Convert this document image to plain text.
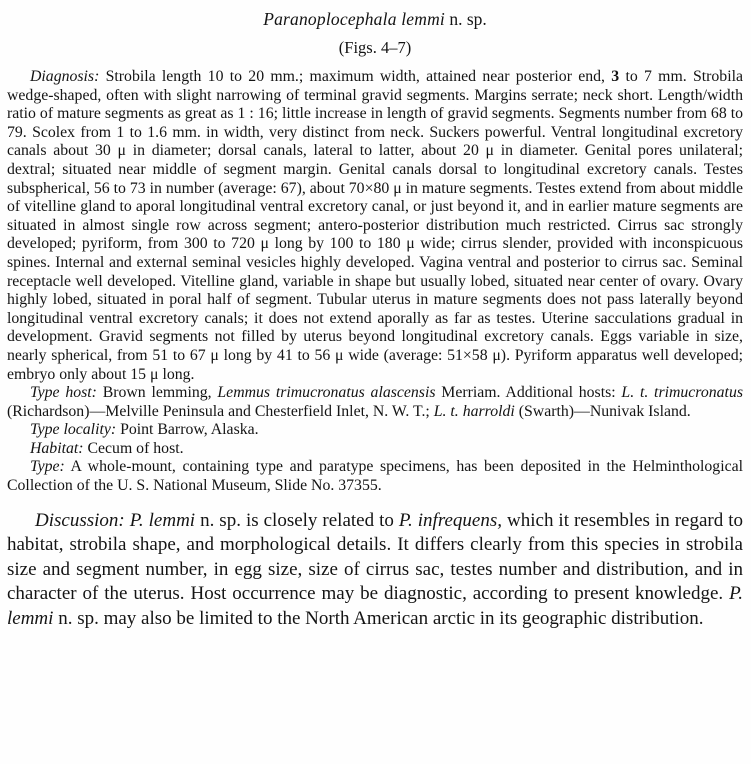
Paranoplocephala lemmi n. sp.
(Figs. 4–7)

Diagnosis: Strobila length 10 to 20 mm.; maximum width, attained near posterior end, 3 to 7 mm. Strobila wedge-shaped, often with slight narrowing of terminal gravid segments. Margins serrate; neck short. Length/width ratio of mature segments as great as 1 : 16; little increase in length of gravid segments. Segments number from 68 to 79. Scolex from 1 to 1.6 mm. in width, very distinct from neck. Suckers powerful. Ventral longitudinal excretory canals about 30 μ in diameter; dorsal canals, lateral to latter, about 20 μ in diameter. Genital pores unilateral; dextral; situated near middle of segment margin. Genital canals dorsal to longitudinal excretory canals. Testes subspherical, 56 to 73 in number (average: 67), about 70×80 μ in mature segments. Testes extend from about middle of vitelline gland to aporal longitudinal ventral excretory canal, or just beyond it, and in earlier mature segments are situated in almost single row across segment; antero-posterior distribution much restricted. Cirrus sac strongly developed; pyriform, from 300 to 720 μ long by 100 to 180 μ wide; cirrus slender, provided with inconspicuous spines. Internal and external seminal vesicles highly developed. Vagina ventral and posterior to cirrus sac. Seminal receptacle well developed. Vitelline gland, variable in shape but usually lobed, situated near center of ovary. Ovary highly lobed, situated in poral half of segment. Tubular uterus in mature segments does not pass laterally beyond longitudinal ventral excretory canals; it does not extend aporally as far as testes. Uterine sacculations gradual in development. Gravid segments not filled by uterus beyond longitudinal excretory canals. Eggs variable in size, nearly spherical, from 51 to 67 μ long by 41 to 56 μ wide (average: 51×58 μ). Pyriform apparatus well developed; embryo only about 15 μ long.

Type host: Brown lemming, Lemmus trimucronatus alascensis Merriam. Additional hosts: L. t. trimucronatus (Richardson)—Melville Peninsula and Chesterfield Inlet, N. W. T.; L. t. harroldi (Swarth)—Nunivak Island.

Type locality: Point Barrow, Alaska.

Habitat: Cecum of host.

Type: A whole-mount, containing type and paratype specimens, has been deposited in the Helminthological Collection of the U. S. National Museum, Slide No. 37355.

Discussion: P. lemmi n. sp. is closely related to P. infrequens, which it resembles in regard to habitat, strobila shape, and morphological details. It differs clearly from this species in strobila size and segment number, in egg size, size of cirrus sac, testes number and distribution, and in character of the uterus. Host occurrence may be diagnostic, according to present knowledge. P. lemmi n. sp. may also be limited to the North American arctic in its geographic distribution.
